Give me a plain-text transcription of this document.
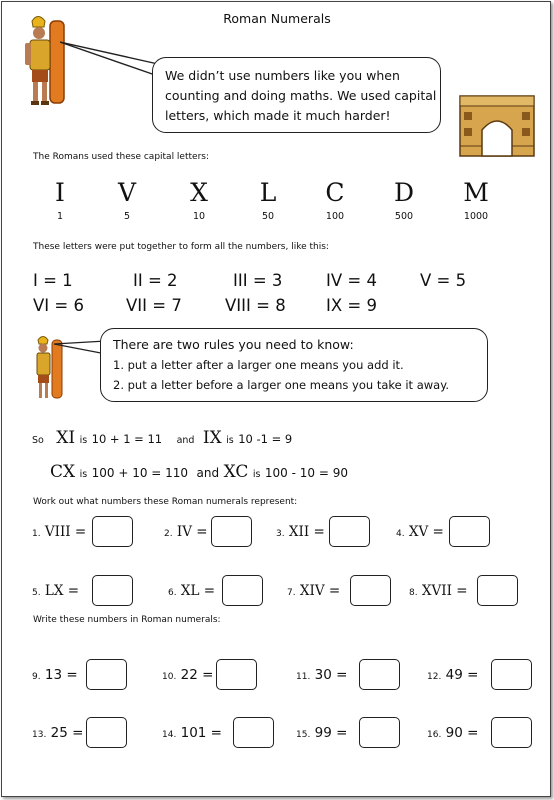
Roman Numerals
We didn’t use numbers like you when
counting and doing maths. We used capital
letters, which made it much harder!
The Romans used these capital letters:
I	V	X	L	C	D	M
1	5	10	50	100	500	1000
These letters were put together to form all the numbers, like this:
I = 1	II = 2	III = 3	IV = 4	V = 5
VI = 6	VII = 7	VIII = 8 IX = 9
There are two rules you need to know:
1. put a letter after a larger one means you add it.
2. put a letter before a larger one means you take it away.
So XI is 10 + 1 = 11 and IX is 10 -1 = 9
CX is 100 + 10 = 110 and XC is 100 - 10 = 90
Work out what numbers these Roman numerals represent:
1. VIII =	2. IV =	3. XII =	4. XV =
5. LX =	6. XL =	7. XIV =	8. XVII =
Write these numbers in Roman numerals:
9. 13 =	10. 22 =	11. 30 =	12. 49 =
13. 25 =	14. 101 =	15. 99 =	16. 90 =
